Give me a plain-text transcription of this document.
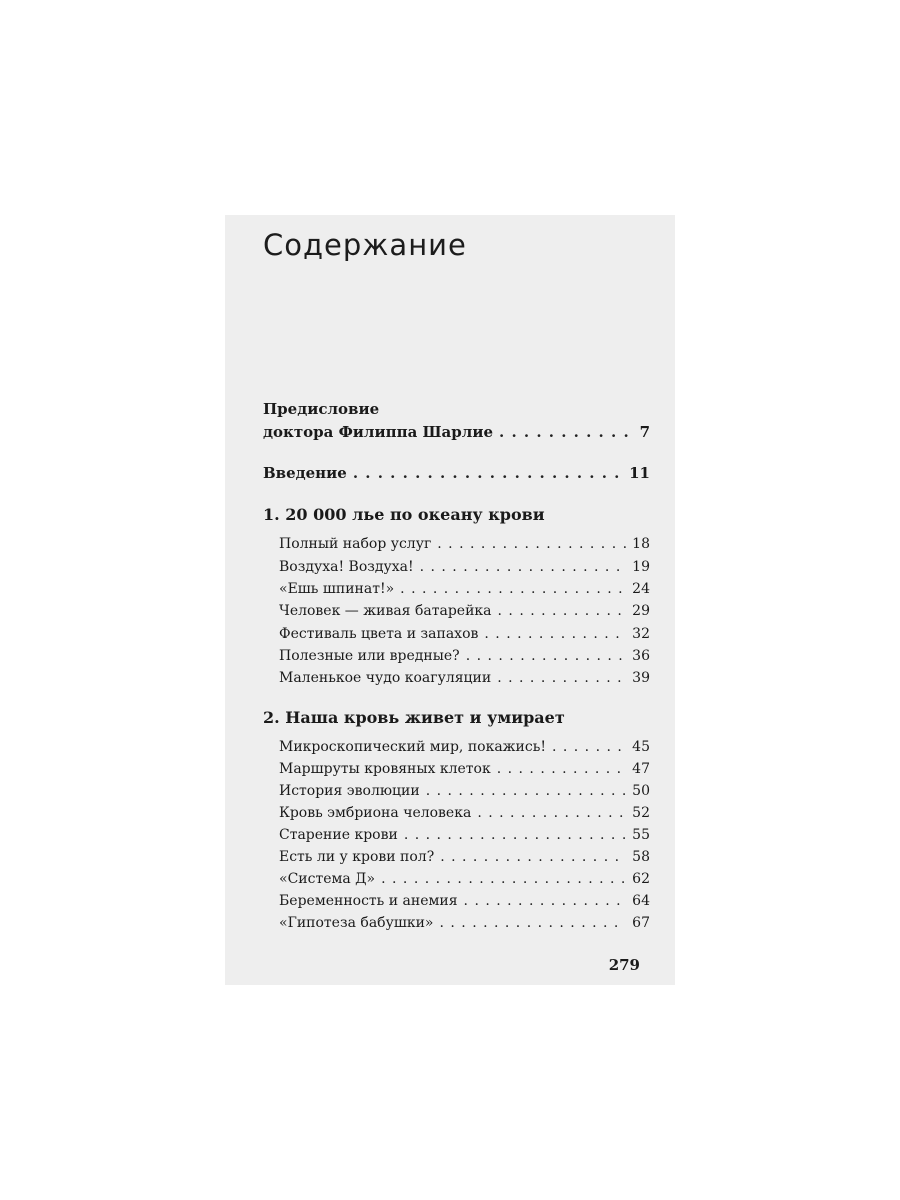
Содержание
Предисловие
доктора Филиппа Шарлие . . .	7
Введение . . .	11
1. 20 000 лье по океану крови
Полный набор услуг . . .	18
Воздуха! Воздуха! . . .	19
«Ешь шпинат!» . . .	24
Человек — живая батарейка . . .	29
Фестиваль цвета и запахов . . .	32
Полезные или вредные? . . .	36
Маленькое чудо коагуляции . . .	39
2. Наша кровь живет и умирает
Микроскопический мир, покажись! . . .	45
Маршруты кровяных клеток . . .	47
История эволюции . . .	50
Кровь эмбриона человека . . .	52
Старение крови . . .	55
Есть ли у крови пол? . . .	58
«Система Д» . . .	62
Беременность и анемия . . .	64
«Гипотеза бабушки» . . .	67
279
